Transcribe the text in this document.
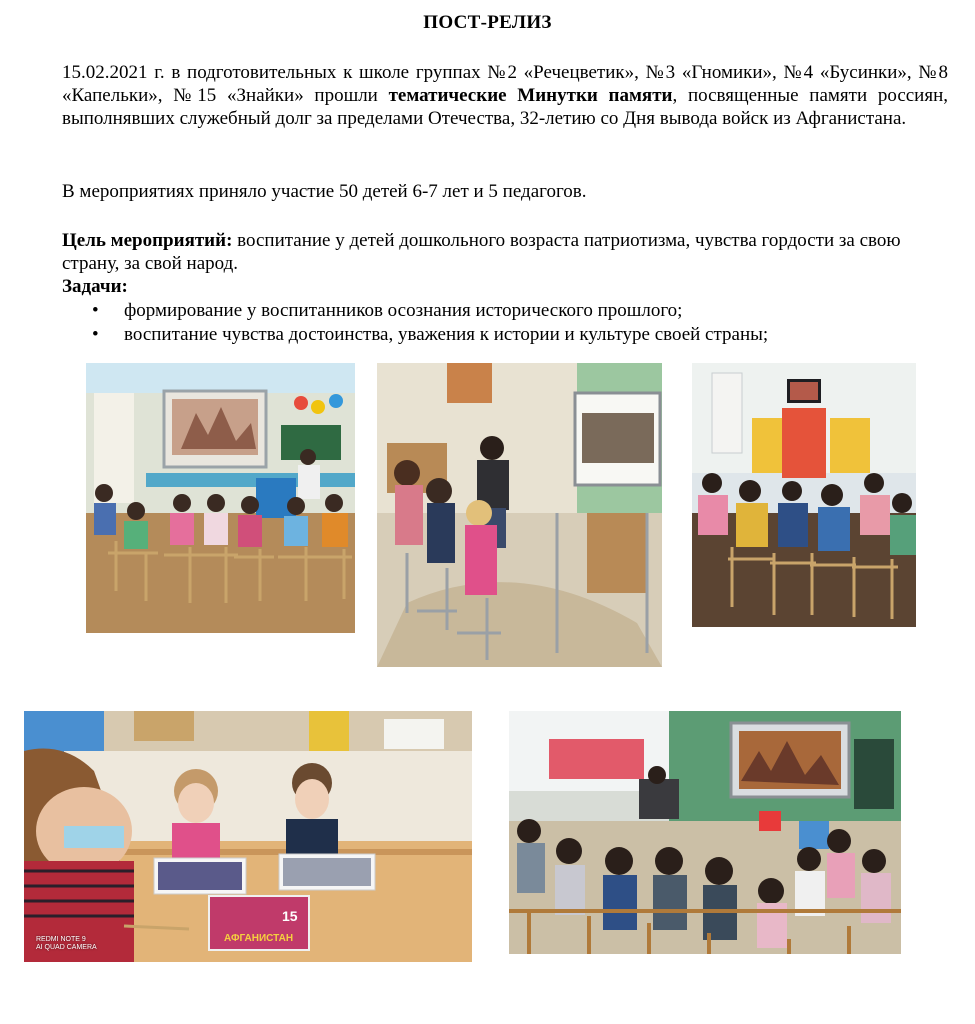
ПОСТ-РЕЛИЗ
15.02.2021 г. в подготовительных к школе группах №2 «Речецветик», №3 «Гномики», №4 «Бусинки», №8 «Капельки», №15 «Знайки» прошли тематические Минутки памяти, посвященные памяти россиян, выполнявших служебный долг за пределами Отечества, 32-летию со Дня вывода войск из Афганистана.
В мероприятиях приняло участие 50 детей 6-7 лет и 5 педагогов.
Цель мероприятий: воспитание у детей дошкольного возраста патриотизма, чувства гордости за свою страну, за свой народ.
Задачи:
• формирование у воспитанников осознания исторического прошлого;
• воспитание чувства достоинства, уважения к истории и культуре своей страны;
15
АФГАНИСТАН
REDMI NOTE 9
AI QUAD CAMERA
